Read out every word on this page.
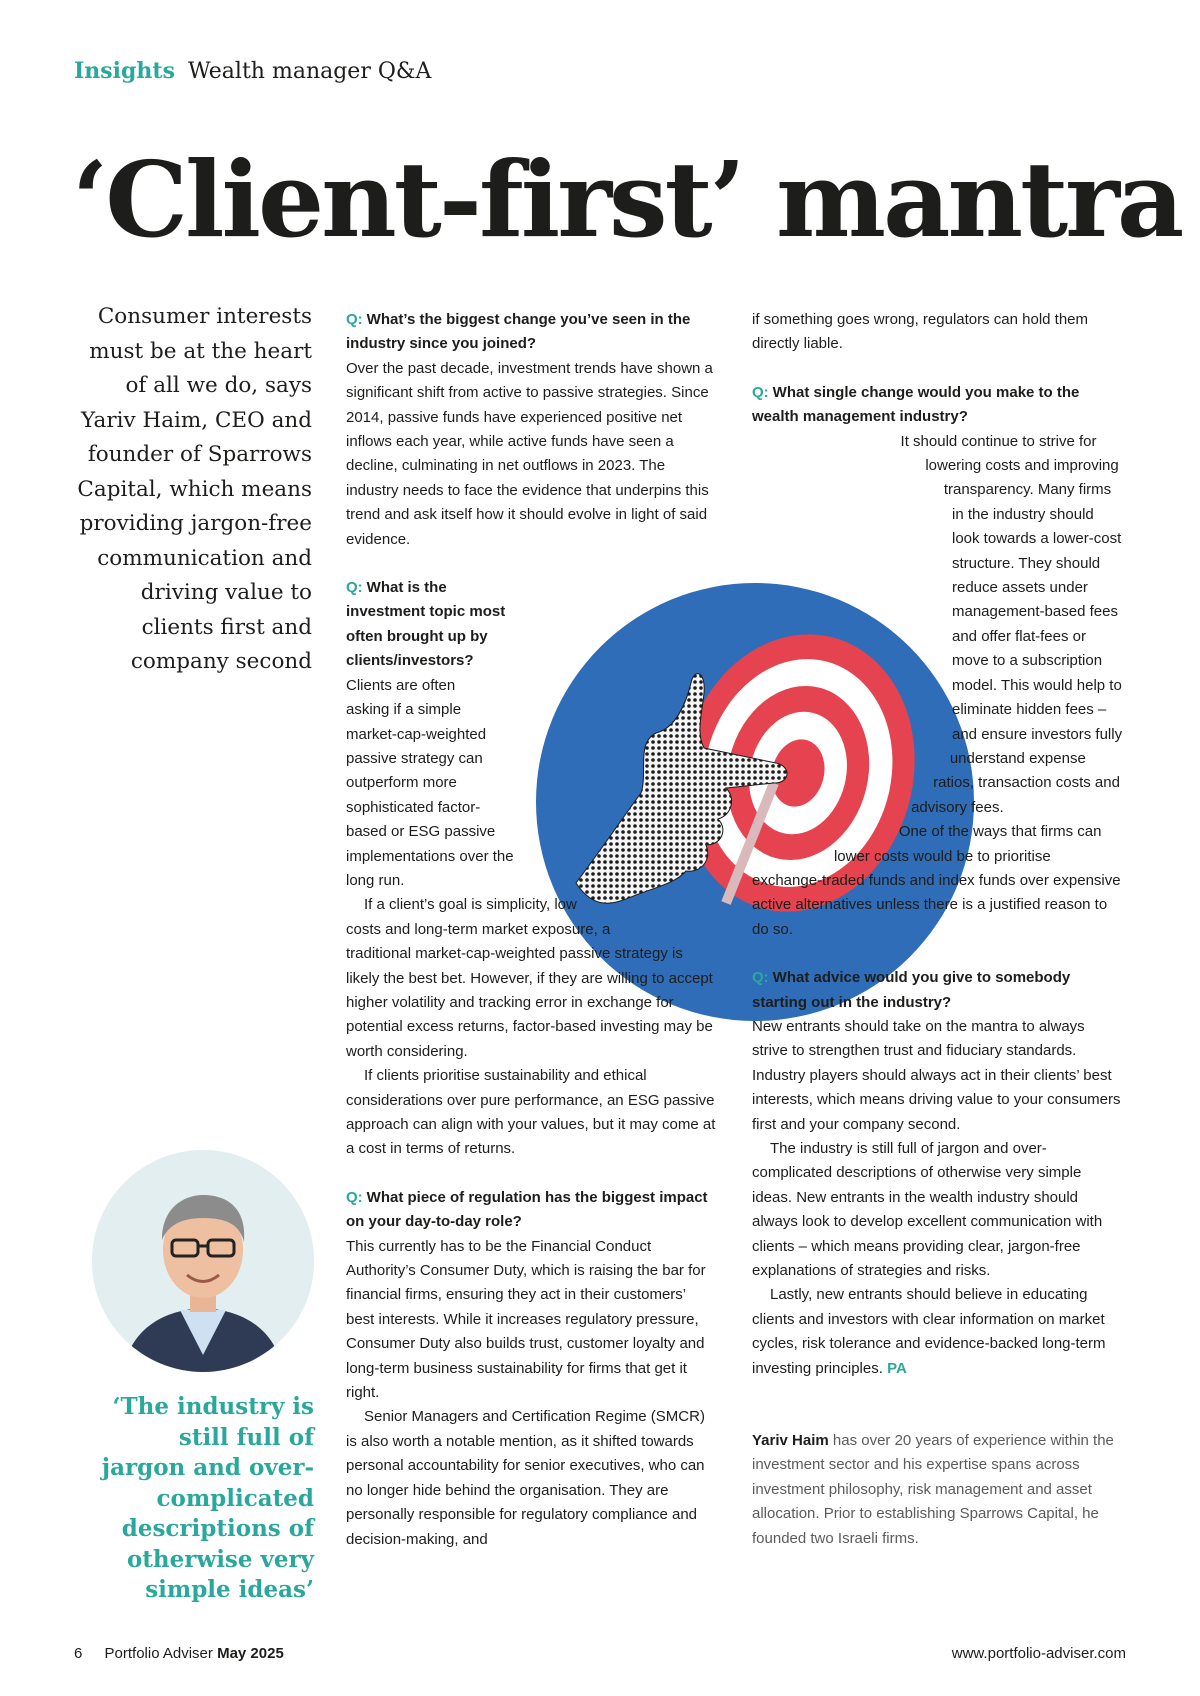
Insights Wealth manager Q&A
‘Client-first’ mantra
Consumer interests must be at the heart of all we do, says Yariv Haim, CEO and founder of Sparrows Capital, which means providing jargon-free communication and driving value to clients first and company second
‘The industry is still full of jargon and over-complicated descriptions of otherwise very simple ideas’

Q: What’s the biggest change you’ve seen in the industry since you joined?

Over the past decade, investment trends have shown a significant shift from active to passive strategies. Since 2014, passive funds have experienced positive net inflows each year, while active funds have seen a decline, culminating in net outflows in 2023. The industry needs to face the evidence that underpins this trend and ask itself how it should evolve in light of said evidence.

Q: What is the investment topic most often brought up by clients/investors?

Clients are often asking if a simple market-cap-weighted passive strategy can outperform more sophisticated factor-based or ESG passive implementations over the long run.

If a client’s goal is simplicity, low costs and long-term market exposure, a traditional market-cap-weighted passive strategy is likely the best bet. However, if they are willing to accept higher volatility and tracking error in exchange for potential excess returns, factor-based investing may be worth considering.

If clients prioritise sustainability and ethical considerations over pure performance, an ESG passive approach can align with your values, but it may come at a cost in terms of returns.

Q: What piece of regulation has the biggest impact on your day-to-day role?

This currently has to be the Financial Conduct Authority’s Consumer Duty, which is raising the bar for financial firms, ensuring they act in their customers’ best interests. While it increases regulatory pressure, Consumer Duty also builds trust, customer loyalty and long-term business sustainability for firms that get it right.

Senior Managers and Certification Regime (SMCR) is also worth a notable mention, as it shifted towards personal accountability for senior executives, who can no longer hide behind the organisation. They are personally responsible for regulatory compliance and decision-making, and

if something goes wrong, regulators can hold them directly liable.

Q: What single change would you make to the wealth management industry?

It should continue to strive for lowering costs and improving transparency. Many firms in the industry should look towards a lower-cost structure. They should reduce assets under management-based fees and offer flat-fees or move to a subscription model. This would help to eliminate hidden fees – and ensure investors fully understand expense ratios, transaction costs and advisory fees.

One of the ways that firms can lower costs would be to prioritise exchange-traded funds and index funds over expensive active alternatives unless there is a justified reason to do so.

Q: What advice would you give to somebody starting out in the industry?

New entrants should take on the mantra to always strive to strengthen trust and fiduciary standards. Industry players should always act in their clients’ best interests, which means driving value to your consumers first and your company second.

The industry is still full of jargon and over-complicated descriptions of otherwise very simple ideas. New entrants in the wealth industry should always look to develop excellent communication with clients – which means providing clear, jargon-free explanations of strategies and risks.

Lastly, new entrants should believe in educating clients and investors with clear information on market cycles, risk tolerance and evidence-backed long-term investing principles. PA

Yariv Haim has over 20 years of experience within the investment sector and his expertise spans across investment philosophy, risk management and asset allocation. Prior to establishing Sparrows Capital, he founded two Israeli firms.

6 Portfolio Adviser May 2025	www.portfolio-adviser.com
